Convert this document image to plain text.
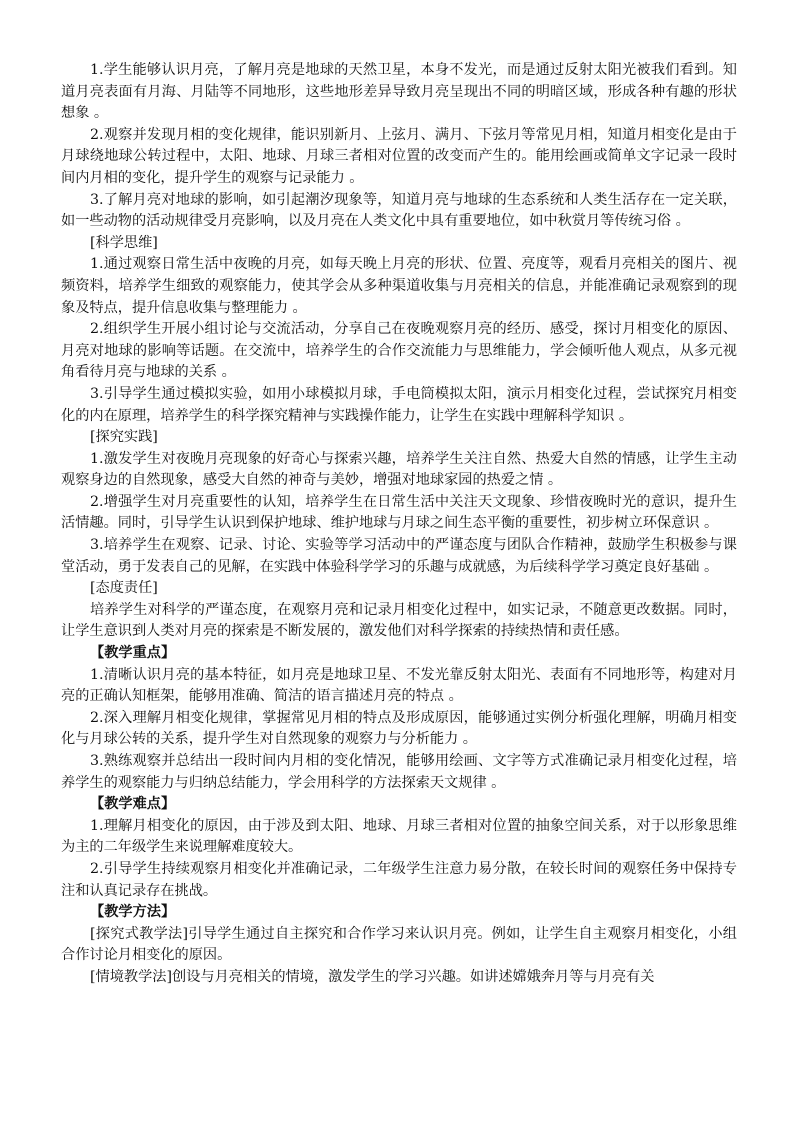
1.学生能够认识月亮，了解月亮是地球的天然卫星，本身不发光，而是通过反射太阳光被我们看到。知道月亮表面有月海、月陆等不同地形，这些地形差异导致月亮呈现出不同的明暗区域，形成各种有趣的形状想象 。

2.观察并发现月相的变化规律，能识别新月、上弦月、满月、下弦月等常见月相，知道月相变化是由于月球绕地球公转过程中，太阳、地球、月球三者相对位置的改变而产生的。能用绘画或简单文字记录一段时间内月相的变化，提升学生的观察与记录能力 。

3.了解月亮对地球的影响，如引起潮汐现象等，知道月亮与地球的生态系统和人类生活存在一定关联，如一些动物的活动规律受月亮影响，以及月亮在人类文化中具有重要地位，如中秋赏月等传统习俗 。

[科学思维]

1.通过观察日常生活中夜晚的月亮，如每天晚上月亮的形状、位置、亮度等，观看月亮相关的图片、视频资料，培养学生细致的观察能力，使其学会从多种渠道收集与月亮相关的信息，并能准确记录观察到的现象及特点，提升信息收集与整理能力 。

2.组织学生开展小组讨论与交流活动，分享自己在夜晚观察月亮的经历、感受，探讨月相变化的原因、月亮对地球的影响等话题。在交流中，培养学生的合作交流能力与思维能力，学会倾听他人观点，从多元视角看待月亮与地球的关系 。

3.引导学生通过模拟实验，如用小球模拟月球，手电筒模拟太阳，演示月相变化过程，尝试探究月相变化的内在原理，培养学生的科学探究精神与实践操作能力，让学生在实践中理解科学知识 。

[探究实践]

1.激发学生对夜晚月亮现象的好奇心与探索兴趣，培养学生关注自然、热爱大自然的情感，让学生主动观察身边的自然现象，感受大自然的神奇与美妙，增强对地球家园的热爱之情 。

2.增强学生对月亮重要性的认知，培养学生在日常生活中关注天文现象、珍惜夜晚时光的意识，提升生活情趣。同时，引导学生认识到保护地球、维护地球与月球之间生态平衡的重要性，初步树立环保意识 。

3.培养学生在观察、记录、讨论、实验等学习活动中的严谨态度与团队合作精神，鼓励学生积极参与课堂活动，勇于发表自己的见解，在实践中体验科学学习的乐趣与成就感，为后续科学学习奠定良好基础 。

[态度责任]

培养学生对科学的严谨态度，在观察月亮和记录月相变化过程中，如实记录，不随意更改数据。同时，让学生意识到人类对月亮的探索是不断发展的，激发他们对科学探索的持续热情和责任感。

【教学重点】

1.清晰认识月亮的基本特征，如月亮是地球卫星、不发光靠反射太阳光、表面有不同地形等，构建对月亮的正确认知框架，能够用准确、简洁的语言描述月亮的特点 。

2.深入理解月相变化规律，掌握常见月相的特点及形成原因，能够通过实例分析强化理解，明确月相变化与月球公转的关系，提升学生对自然现象的观察力与分析能力 。

3.熟练观察并总结出一段时间内月相的变化情况，能够用绘画、文字等方式准确记录月相变化过程，培养学生的观察能力与归纳总结能力，学会用科学的方法探索天文规律 。

【教学难点】

1.理解月相变化的原因，由于涉及到太阳、地球、月球三者相对位置的抽象空间关系，对于以形象思维为主的二年级学生来说理解难度较大。

2.引导学生持续观察月相变化并准确记录，二年级学生注意力易分散，在较长时间的观察任务中保持专注和认真记录存在挑战。

【教学方法】

[探究式教学法]引导学生通过自主探究和合作学习来认识月亮。例如，让学生自主观察月相变化，小组合作讨论月相变化的原因。

[情境教学法]创设与月亮相关的情境，激发学生的学习兴趣。如讲述嫦娥奔月等与月亮有关
